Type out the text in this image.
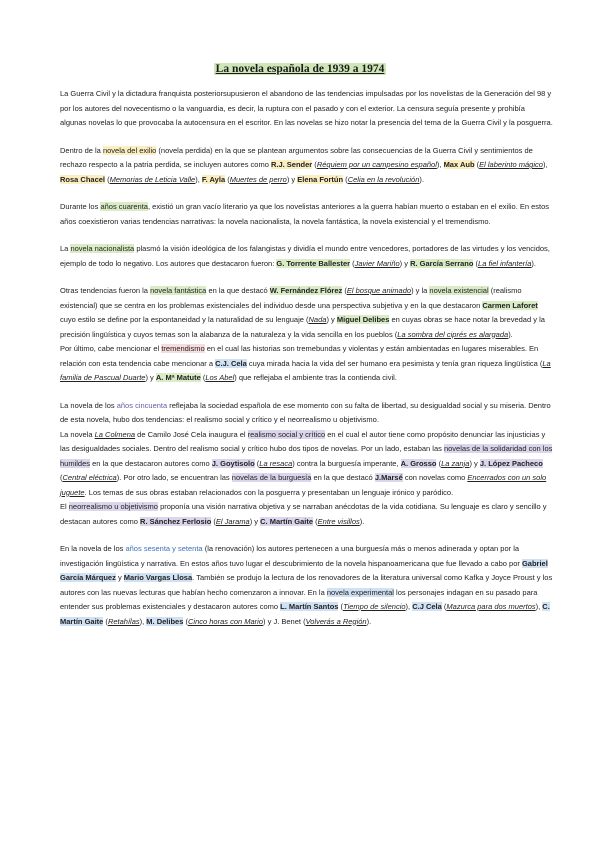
La novela española de 1939 a 1974

La Guerra Civil y la dictadura franquista posteriorsupusieron el abandono de las tendencias impulsadas por los novelistas de la Generación del 98 y por los autores del novecentismo o la vanguardia, es decir, la ruptura con el pasado y con el exterior. La censura seguía presente y prohibía algunas novelas lo que provocaba la autocensura en el escritor. En las novelas se hizo notar la presencia del tema de la Guerra Civil y la posguerra.

Dentro de la novela del exilio (novela perdida) en la que se plantean argumentos sobre las consecuencias de la Guerra Civil y sentimientos de rechazo respecto a la patria perdida, se incluyen autores como R.J. Sender (Réquiem por un campesino español), Max Aub (El laberinto mágico), Rosa Chacel (Memorias de Leticia Valle), F. Ayla (Muertes de perro) y Elena Fortún (Celia en la revolución).

Durante los años cuarenta, existió un gran vacío literario ya que los novelistas anteriores a la guerra habían muerto o estaban en el exilio. En estos años coexistieron varias tendencias narrativas: la novela nacionalista, la novela fantástica, la novela existencial y el tremendismo.

La novela nacionalista plasmó la visión ideológica de los falangistas y dividía el mundo entre vencedores, portadores de las virtudes y los vencidos, ejemplo de todo lo negativo. Los autores que destacaron fueron: G. Torrente Ballester (Javier Mariño) y R. García Serrano (La fiel infantería).

Otras tendencias fueron la novela fantástica en la que destacó W. Fernández Flórez (El bosque animado) y la novela existencial (realismo existencial) que se centra en los problemas existenciales del individuo desde una perspectiva subjetiva y en la que destacaron Carmen Laforet cuyo estilo se define por la espontaneidad y la naturalidad de su lenguaje (Nada) y Miguel Delibes en cuyas obras se hace notar la brevedad y la precisión lingüística y cuyos temas son la alabanza de la naturaleza y la vida sencilla en los pueblos (La sombra del ciprés es alargada).

Por último, cabe mencionar el tremendismo en el cual las historias son tremebundas y violentas y están ambientadas en lugares miserables. En relación con esta tendencia cabe mencionar a C.J. Cela cuya mirada hacia la vida del ser humano era pesimista y tenía gran riqueza lingüística (La familia de Pascual Duarte) y A. Mª Matute (Los Abel) que reflejaba el ambiente tras la contienda civil.

La novela de los años cincuenta reflejaba la sociedad española de ese momento con su falta de libertad, su desigualdad social y su miseria. Dentro de esta novela, hubo dos tendencias: el realismo social y crítico y el neorrealismo u objetivismo.
La novela La Colmena de Camilo José Cela inaugura el realismo social y crítico en el cual el autor tiene como propósito denunciar las injusticias y las desigualdades sociales. Dentro del realismo social y crítico hubo dos tipos de novelas. Por un lado, estaban las novelas de la solidaridad con los humildes en la que destacaron autores como J. Goytisolo (La resaca) contra la burguesía imperante, A. Grosso (La zanja) y J. López Pacheco (Central eléctrica). Por otro lado, se encuentran las novelas de la burguesía en la que destacó J.Marsé con novelas como Encerrados con un solo juguete. Los temas de sus obras estaban relacionados con la posguerra y presentaban un lenguaje irónico y paródico.
El neorrealismo u objetivismo proponía una visión narrativa objetiva y se narraban anécdotas de la vida cotidiana. Su lenguaje es claro y sencillo y destacan autores como R. Sánchez Ferlosio (El Jarama) y C. Martín Gaite (Entre visillos).

En la novela de los años sesenta y setenta (la renovación) los autores pertenecen a una burguesía más o menos adinerada y optan por la investigación lingüística y narrativa. En estos años tuvo lugar el descubrimiento de la novela hispanoamericana que fue llevado a cabo por Gabriel García Márquez y Mario Vargas Llosa. También se produjo la lectura de los renovadores de la literatura universal como Kafka y Joyce Proust y los autores con las nuevas lecturas que habían hecho comenzaron a innovar. En la novela experimental los personajes indagan en su pasado para entender sus problemas existenciales y destacaron autores como L. Martín Santos (Tiempo de silencio), C.J Cela (Mazurca para dos muertos), C. Martín Gaite (Retahílas), M. Delibes (Cinco horas con Mario) y J. Benet (Volverás a Región).
